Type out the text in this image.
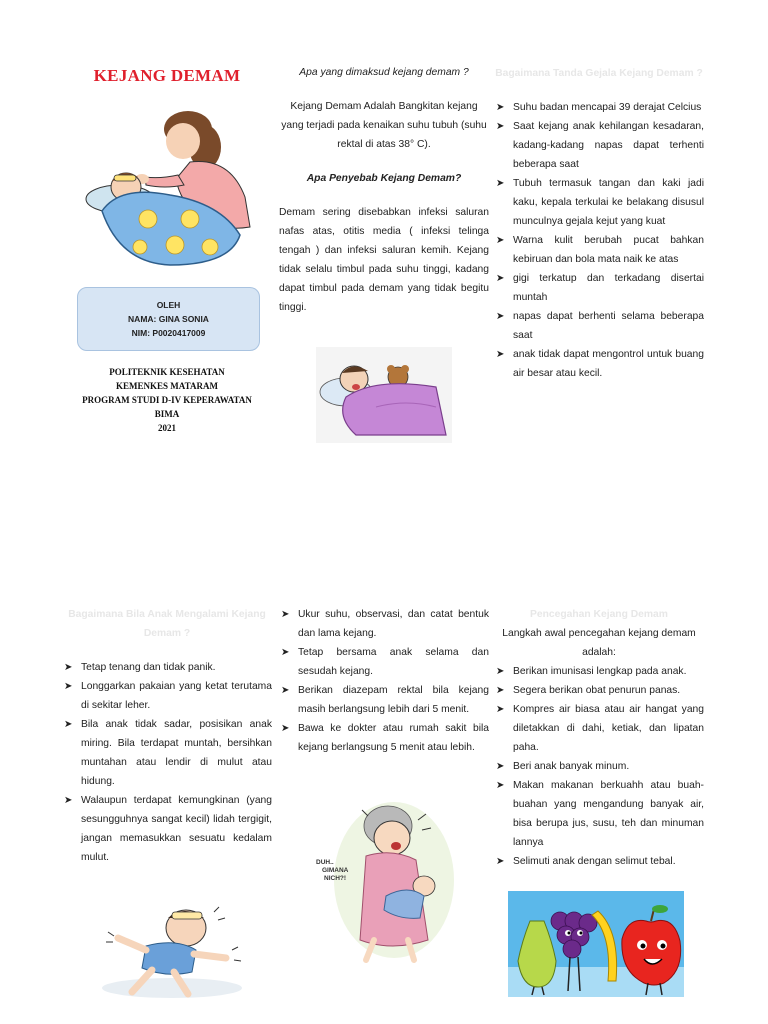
KEJANG DEMAM
OLEH
NAMA: GINA SONIA
NIM: P0020417009
POLITEKNIK KESEHATAN
KEMENKES MATARAM
PROGRAM STUDI D-IV KEPERAWATAN
BIMA
2021
Apa yang dimaksud kejang demam ?
Kejang Demam Adalah Bangkitan kejang yang terjadi pada kenaikan suhu tubuh (suhu rektal di atas 38° C).
Apa Penyebab Kejang Demam?
Demam sering disebabkan infeksi saluran nafas atas, otitis media ( infeksi telinga tengah ) dan infeksi saluran kemih. Kejang tidak selalu timbul pada suhu tinggi, kadang dapat timbul pada demam yang tidak begitu tinggi.
Bagaimana Tanda Gejala Kejang Demam ?
➤ Suhu badan mencapai 39 derajat Celcius
➤ Saat kejang anak kehilangan kesadaran, kadang-kadang napas dapat terhenti beberapa saat
➤ Tubuh termasuk tangan dan kaki jadi kaku, kepala terkulai ke belakang disusul munculnya gejala kejut yang kuat
➤ Warna kulit berubah pucat bahkan kebiruan dan bola mata naik ke atas
➤ gigi terkatup dan terkadang disertai muntah
➤ napas dapat berhenti selama beberapa saat
➤ anak tidak dapat mengontrol untuk buang air besar atau kecil.
Bagaimana Bila Anak Mengalami Kejang Demam ?
➤ Tetap tenang dan tidak panik.
➤ Longgarkan pakaian yang ketat terutama di sekitar leher.
➤ Bila anak tidak sadar, posisikan anak miring. Bila terdapat muntah, bersihkan muntahan atau lendir di mulut atau hidung.
➤ Walaupun terdapat kemungkinan (yang sesungguhnya sangat kecil) lidah tergigit, jangan memasukkan sesuatu kedalam mulut.
➤ Ukur suhu, observasi, dan catat bentuk dan lama kejang.
➤ Tetap bersama anak selama dan sesudah kejang.
➤ Berikan diazepam rektal bila kejang masih berlangsung lebih dari 5 menit.
➤ Bawa ke dokter atau rumah sakit bila kejang berlangsung 5 menit atau lebih.
DUH..
GIMANA
NICH?!
Pencegahan Kejang Demam
Langkah awal pencegahan kejang demam adalah:
➤ Berikan imunisasi lengkap pada anak.
➤ Segera berikan obat penurun panas.
➤ Kompres air biasa atau air hangat yang diletakkan di dahi, ketiak, dan lipatan paha.
➤ Beri anak banyak minum.
➤ Makan makanan berkuahh atau buah-buahan yang mengandung banyak air, bisa berupa jus, susu, teh dan minuman lannya
➤ Selimuti anak dengan selimut tebal.
